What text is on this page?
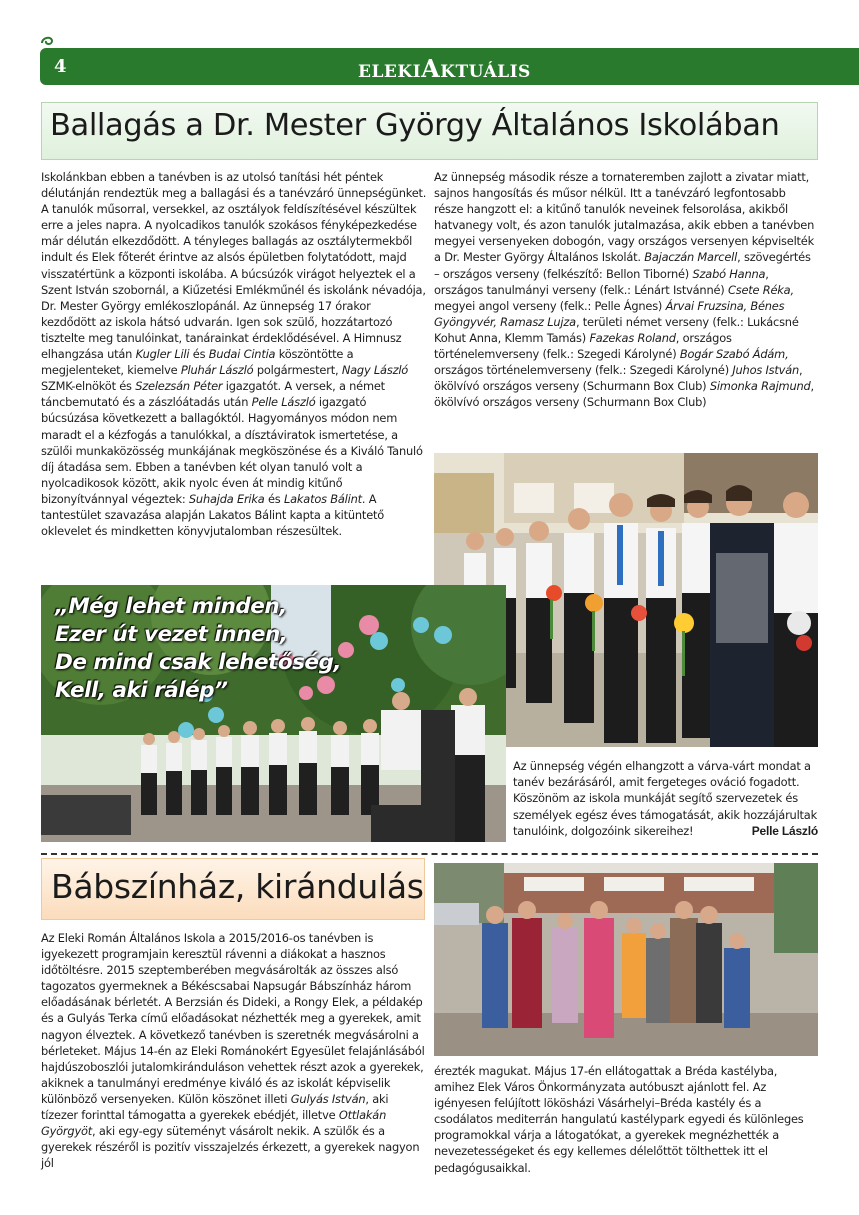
4	ELEKIAKTUÁLIS
Ballagás a Dr. Mester György Általános Iskolában

Iskolánkban ebben a tanévben is az utolsó tanítási hét péntek délutánján rendeztük meg a ballagási és a tanévzáró ünnepségünket. A tanulók műsorral, versekkel, az osztályok feldíszítésével készültek erre a jeles napra. A nyolcadikos tanulók szokásos fényképezkedése már délután elkezdődött. A tényleges ballagás az osztálytermekből indult és Elek főterét érintve az alsós épületben folytatódott, majd visszatértünk a központi iskolába. A búcsúzók virágot helyeztek el a Szent István szobornál, a Kiűzetési Emlékműnél és iskolánk névadója, Dr. Mester György emlékoszlopánál. Az ünnepség 17 órakor kezdődött az iskola hátsó udvarán. Igen sok szülő, hozzátartozó tisztelte meg tanulóinkat, tanárainkat érdeklődésével. A Himnusz elhangzása után Kugler Lili és Budai Cintia köszöntötte a megjelenteket, kiemelve Pluhár László polgármestert, Nagy László SZMK-elnököt és Szelezsán Péter igazgatót. A versek, a német táncbemutató és a zászlóátadás után Pelle László igazgató búcsúzása következett a ballagóktól. Hagyományos módon nem maradt el a kézfogás a tanulókkal, a dísztáviratok ismertetése, a szülői munkaközösség munkájának megköszönése és a Kiváló Tanuló díj átadása sem. Ebben a tanévben két olyan tanuló volt a nyolcadikosok között, akik nyolc éven át mindig kitűnő bizonyítvánnyal végeztek: Suhajda Erika és Lakatos Bálint. A tantestület szavazása alapján Lakatos Bálint kapta a kitüntető oklevelet és mindketten könyvjutalomban részesültek.

Az ünnepség második része a tornateremben zajlott a zivatar miatt, sajnos hangosítás és műsor nélkül. Itt a tanévzáró legfontosabb része hangzott el: a kitűnő tanulók neveinek felsorolása, akikből hatvanegy volt, és azon tanulók jutalmazása, akik ebben a tanévben megyei versenyeken dobogón, vagy országos versenyen képviselték a Dr. Mester György Általános Iskolát. Bajaczán Marcell, szövegértés – országos verseny (felkészítő: Bellon Tiborné) Szabó Hanna, országos tanulmányi verseny (felk.: Lénárt Istvánné) Csete Réka, megyei angol verseny (felk.: Pelle Ágnes) Árvai Fruzsina, Bénes Gyöngyvér, Ramasz Lujza, területi német verseny (felk.: Lukácsné Kohut Anna, Klemm Tamás) Fazekas Roland, országos történelemverseny (felk.: Szegedi Károlyné) Bogár Szabó Ádám, országos történelemverseny (felk.: Szegedi Károlyné) Juhos István, ökölvívó országos verseny (Schurmann Box Club) Simonka Rajmund, ökölvívó országos verseny (Schurmann Box Club)

„Még lehet minden,
Ezer út vezet innen,
De mind csak lehetőség,
Kell, aki rálép”
Az ünnepség végén elhangzott a várva-várt mondat a tanév bezárásáról, amit fergeteges ováció fogadott. Köszönöm az iskola munkáját segítő szervezetek és személyek egész éves támogatását, akik hozzájárultak tanulóink, dolgozóink sikereihez!	Pelle László
Bábszínház, kirándulás

Az Eleki Román Általános Iskola a 2015/2016-os tanévben is igyekezett programjain keresztül rávenni a diákokat a hasznos időtöltésre. 2015 szeptemberében megvásárolták az összes alsó tagozatos gyermeknek a Békéscsabai Napsugár Bábszínház három előadásának bérletét. A Berzsián és Dideki, a Rongy Elek, a példakép és a Gulyás Terka című előadásokat nézhették meg a gyerekek, amit nagyon élveztek. A következő tanévben is szeretnék megvásárolni a bérleteket. Május 14-én az Eleki Románokért Egyesület felajánlásából hajdúszoboszlói jutalomkiránduláson vehettek részt azok a gyerekek, akiknek a tanulmányi eredménye kiváló és az iskolát képviselik különböző versenyeken. Külön köszönet illeti Gulyás István, aki tízezer forinttal támogatta a gyerekek ebédjét, illetve Ottlakán Györgyöt, aki egy-egy süteményt vásárolt nekik. A szülők és a gyerekek részéről is pozitív visszajelzés érkezett, a gyerekek nagyon jól

érezték magukat. Május 17-én ellátogattak a Bréda kastélyba, amihez Elek Város Önkormányzata autóbuszt ajánlott fel. Az igényesen felújított lökösházi Vásárhelyi–Bréda kastély és a csodálatos mediterrán hangulatú kastélypark egyedi és különleges programokkal várja a látogatókat, a gyerekek megnézhették a nevezetességeket és egy kellemes délelőttöt tölthettek itt el pedagógusaikkal.
